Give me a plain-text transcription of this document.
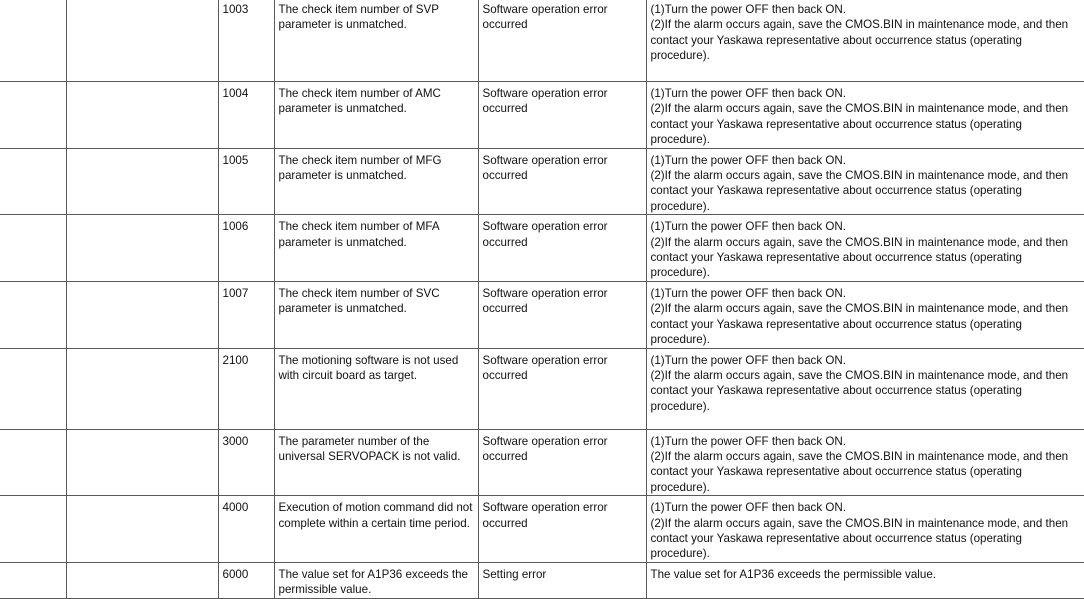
		1003	The check item number of SVP parameter is unmatched.	Software operation error occurred	(1)Turn the power OFF then back ON.
(2)If the alarm occurs again, save the CMOS.BIN in maintenance mode, and then contact your Yaskawa representative about occurrence status (operating procedure).
		1004	The check item number of AMC parameter is unmatched.	Software operation error occurred	(1)Turn the power OFF then back ON.
(2)If the alarm occurs again, save the CMOS.BIN in maintenance mode, and then contact your Yaskawa representative about occurrence status (operating procedure).
		1005	The check item number of MFG parameter is unmatched.	Software operation error occurred	(1)Turn the power OFF then back ON.
(2)If the alarm occurs again, save the CMOS.BIN in maintenance mode, and then contact your Yaskawa representative about occurrence status (operating procedure).
		1006	The check item number of MFA parameter is unmatched.	Software operation error occurred	(1)Turn the power OFF then back ON.
(2)If the alarm occurs again, save the CMOS.BIN in maintenance mode, and then contact your Yaskawa representative about occurrence status (operating procedure).
		1007	The check item number of SVC parameter is unmatched.	Software operation error occurred	(1)Turn the power OFF then back ON.
(2)If the alarm occurs again, save the CMOS.BIN in maintenance mode, and then contact your Yaskawa representative about occurrence status (operating procedure).
		2100	The motioning software is not used with circuit board as target.	Software operation error occurred	(1)Turn the power OFF then back ON.
(2)If the alarm occurs again, save the CMOS.BIN in maintenance mode, and then contact your Yaskawa representative about occurrence status (operating procedure).
		3000	The parameter number of the universal SERVOPACK is not valid.	Software operation error occurred	(1)Turn the power OFF then back ON.
(2)If the alarm occurs again, save the CMOS.BIN in maintenance mode, and then contact your Yaskawa representative about occurrence status (operating procedure).
		4000	Execution of motion command did not complete within a certain time period.	Software operation error occurred	(1)Turn the power OFF then back ON.
(2)If the alarm occurs again, save the CMOS.BIN in maintenance mode, and then contact your Yaskawa representative about occurrence status (operating procedure).
		6000	The value set for A1P36 exceeds the permissible value.	Setting error	The value set for A1P36 exceeds the permissible value.
